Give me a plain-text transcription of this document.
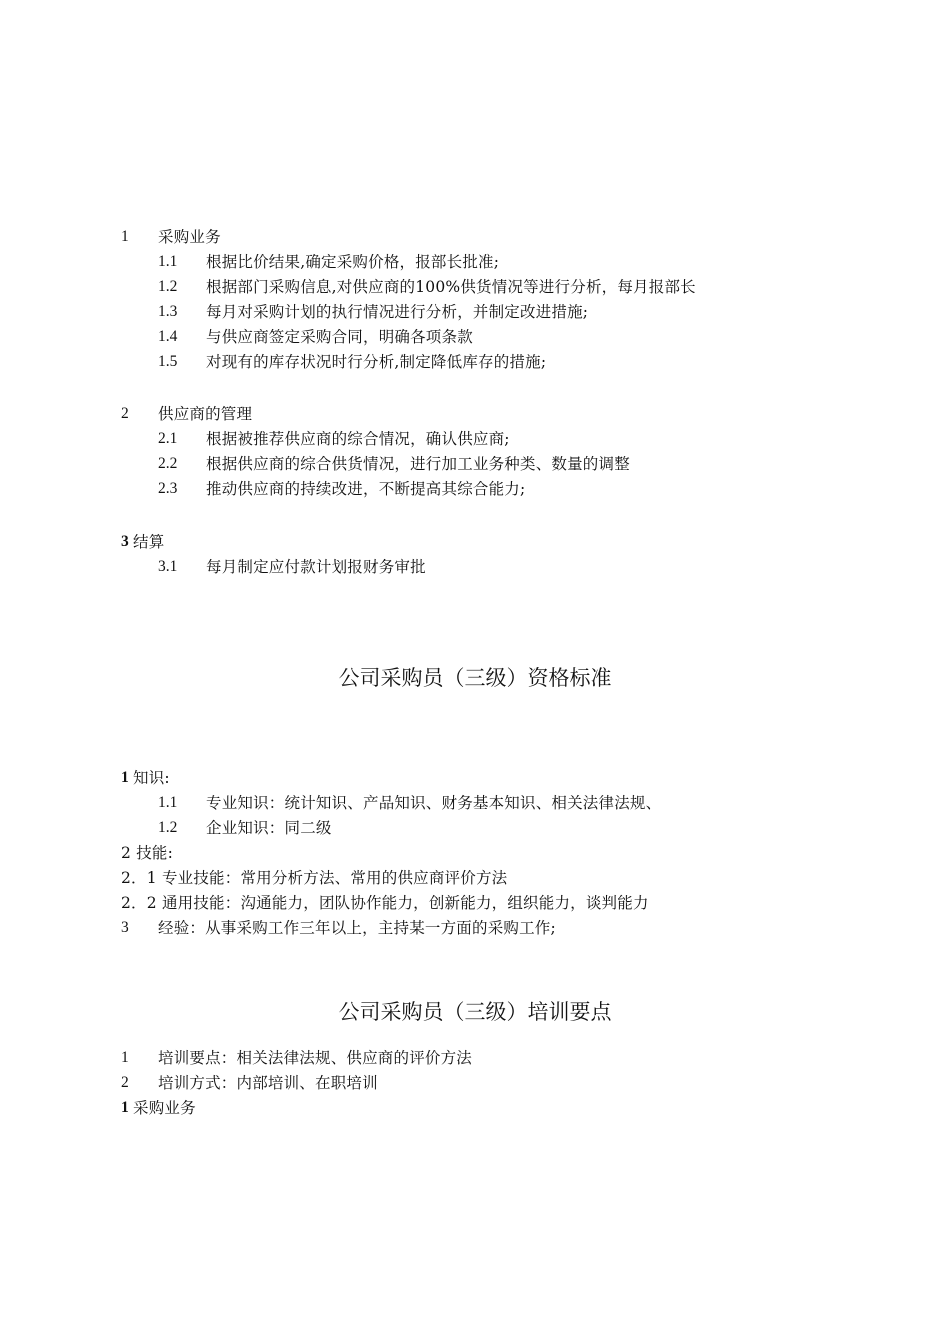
1 采购业务
1.1 根据比价结果,确定采购价格，报部长批准;
1.2 根据部门采购信息,对供应商的100%供货情况等进行分析，每月报部长
1.3 每月对采购计划的执行情况进行分析，并制定改进措施;
1.4 与供应商签定采购合同，明确各项条款
1.5 对现有的库存状况时行分析,制定降低库存的措施;
2 供应商的管理
2.1 根据被推荐供应商的综合情况，确认供应商;
2.2 根据供应商的综合供货情况，进行加工业务种类、数量的调整
2.3 推动供应商的持续改进，不断提高其综合能力;
3 结算
3.1 每月制定应付款计划报财务审批
公司采购员（三级）资格标准
1 知识:
1.1 专业知识：统计知识、产品知识、财务基本知识、相关法律法规、
1.2 企业知识：同二级
2 技能:
2．1 专业技能：常用分析方法、常用的供应商评价方法
2．2 通用技能：沟通能力，团队协作能力，创新能力，组织能力，谈判能力
3 经验：从事采购工作三年以上，主持某一方面的采购工作;
公司采购员（三级）培训要点
1 培训要点：相关法律法规、供应商的评价方法
2 培训方式：内部培训、在职培训
1 采购业务
